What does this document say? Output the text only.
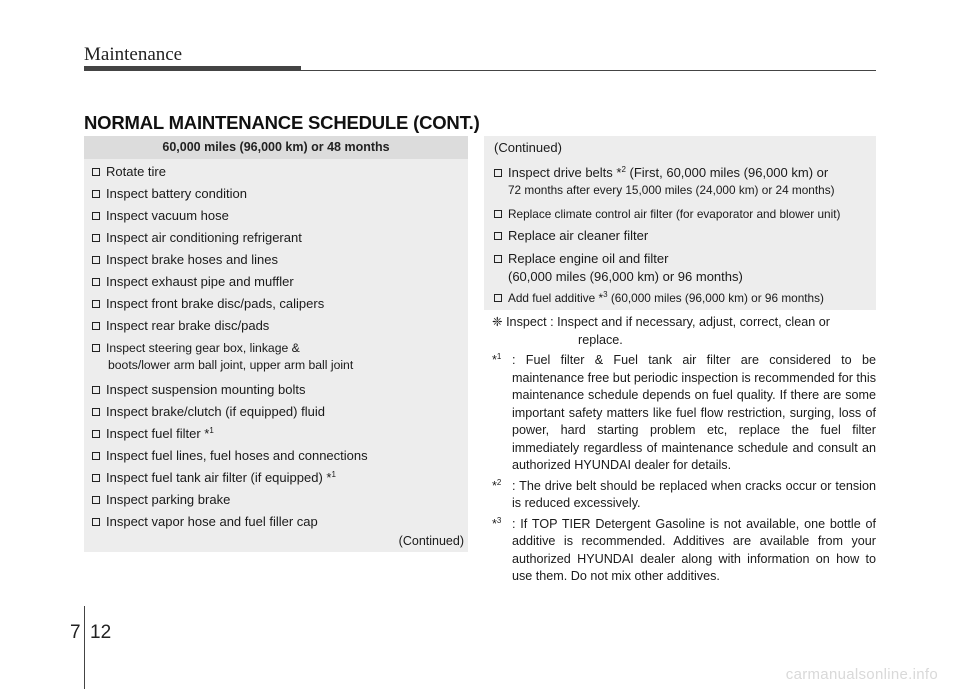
Maintenance
NORMAL MAINTENANCE SCHEDULE (CONT.)
60,000 miles (96,000 km) or 48 months
Rotate tire
Inspect battery condition
Inspect vacuum hose
Inspect air conditioning refrigerant
Inspect brake hoses and lines
Inspect exhaust pipe and muffler
Inspect front brake disc/pads, calipers
Inspect rear brake disc/pads
Inspect steering gear box, linkage &
boots/lower arm ball joint, upper arm ball joint
Inspect suspension mounting bolts
Inspect brake/clutch (if equipped) fluid
Inspect fuel filter *$^1$
Inspect fuel lines, fuel hoses and connections
Inspect fuel tank air filter (if equipped) *$^1$
Inspect parking brake
Inspect vapor hose and fuel filler cap
(Continued)
(Continued)
Inspect drive belts *$^2$ (First, 60,000 miles (96,000 km) or
72 months after every 15,000 miles (24,000 km) or 24 months)
Replace climate control air filter (for evaporator and blower unit)
Replace air cleaner filter
Replace engine oil and filter
(60,000 miles (96,000 km) or 96 months)
Add fuel additive *$^3$ (60,000 miles (96,000 km) or 96 months)
❈ Inspect : Inspect and if necessary, adjust, correct, clean or
replace.
*$^1$ : Fuel filter & Fuel tank air filter are considered to be maintenance free but periodic inspection is recommended for this maintenance schedule depends on fuel quality. If there are some important safety matters like fuel flow restriction, surging, loss of power, hard starting problem etc, replace the fuel filter immediately regardless of maintenance schedule and consult an authorized HYUNDAI dealer for details.
*$^2$ : The drive belt should be replaced when cracks occur or tension is reduced excessively.
*$^3$ : If TOP TIER Detergent Gasoline is not available, one bottle of additive is recommended. Additives are available from your authorized HYUNDAI dealer along with information on how to use them. Do not mix other additives.
7 12
carmanualsonline.info
